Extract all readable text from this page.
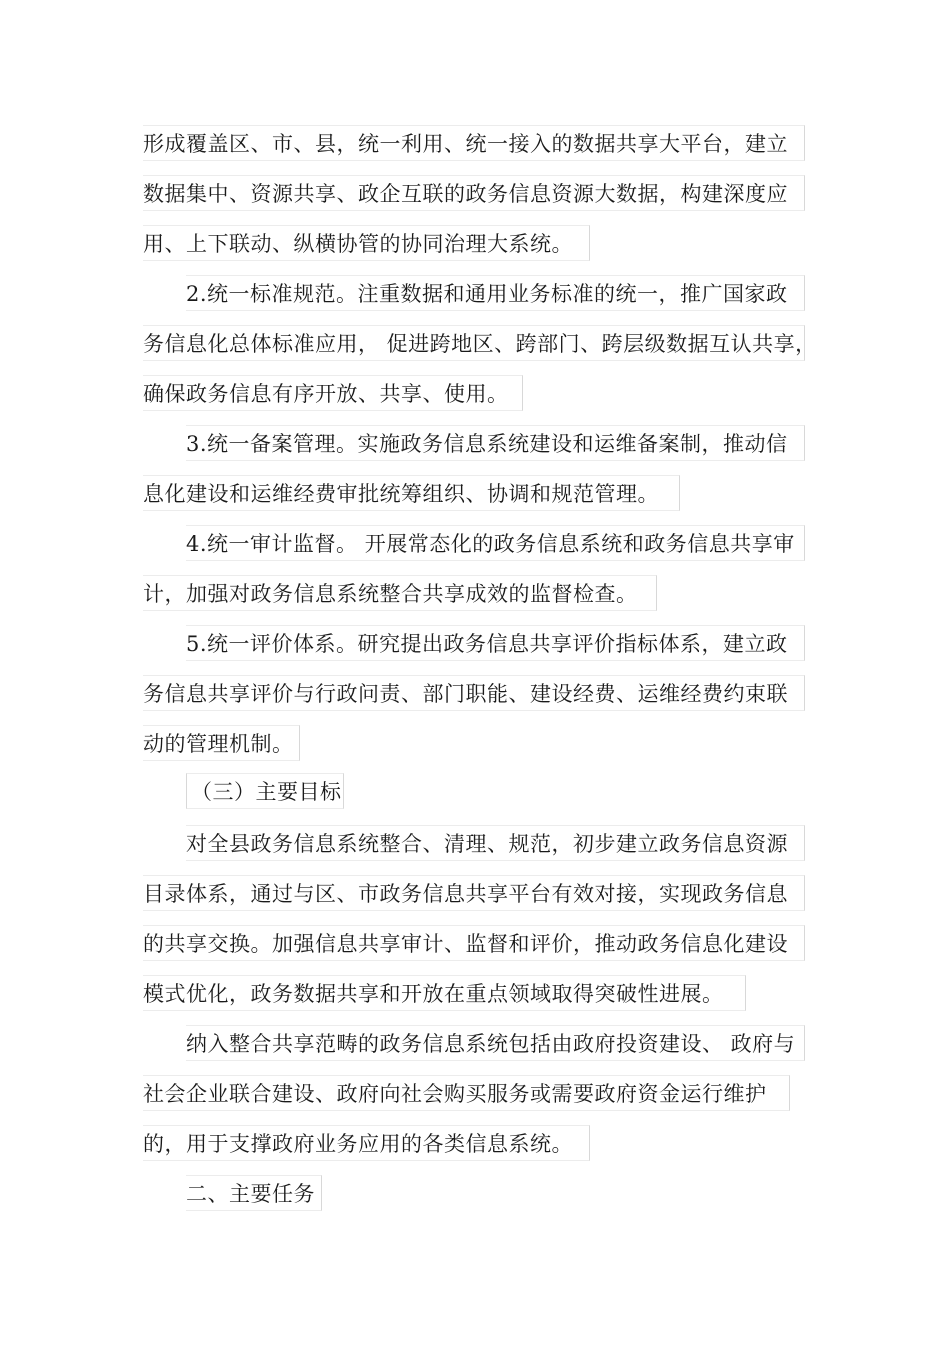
形成覆盖区、市、县，统一利用、统一接入的数据共享大平台，建立
数据集中、资源共享、政企互联的政务信息资源大数据，构建深度应
用、上下联动、纵横协管的协同治理大系统。
2.统一标准规范。注重数据和通用业务标准的统一，推广国家政
务信息化总体标准应用， 促进跨地区、跨部门、跨层级数据互认共享，
确保政务信息有序开放、共享、使用。
3.统一备案管理。实施政务信息系统建设和运维备案制，推动信
息化建设和运维经费审批统筹组织、协调和规范管理。
4.统一审计监督。 开展常态化的政务信息系统和政务信息共享审
计，加强对政务信息系统整合共享成效的监督检查。
5.统一评价体系。研究提出政务信息共享评价指标体系，建立政
务信息共享评价与行政问责、部门职能、建设经费、运维经费约束联
动的管理机制。
（三）主要目标
对全县政务信息系统整合、清理、规范，初步建立政务信息资源
目录体系，通过与区、市政务信息共享平台有效对接，实现政务信息
的共享交换。加强信息共享审计、监督和评价，推动政务信息化建设
模式优化，政务数据共享和开放在重点领域取得突破性进展。
纳入整合共享范畴的政务信息系统包括由政府投资建设、 政府与
社会企业联合建设、政府向社会购买服务或需要政府资金运行维护
的，用于支撑政府业务应用的各类信息系统。
二、主要任务
